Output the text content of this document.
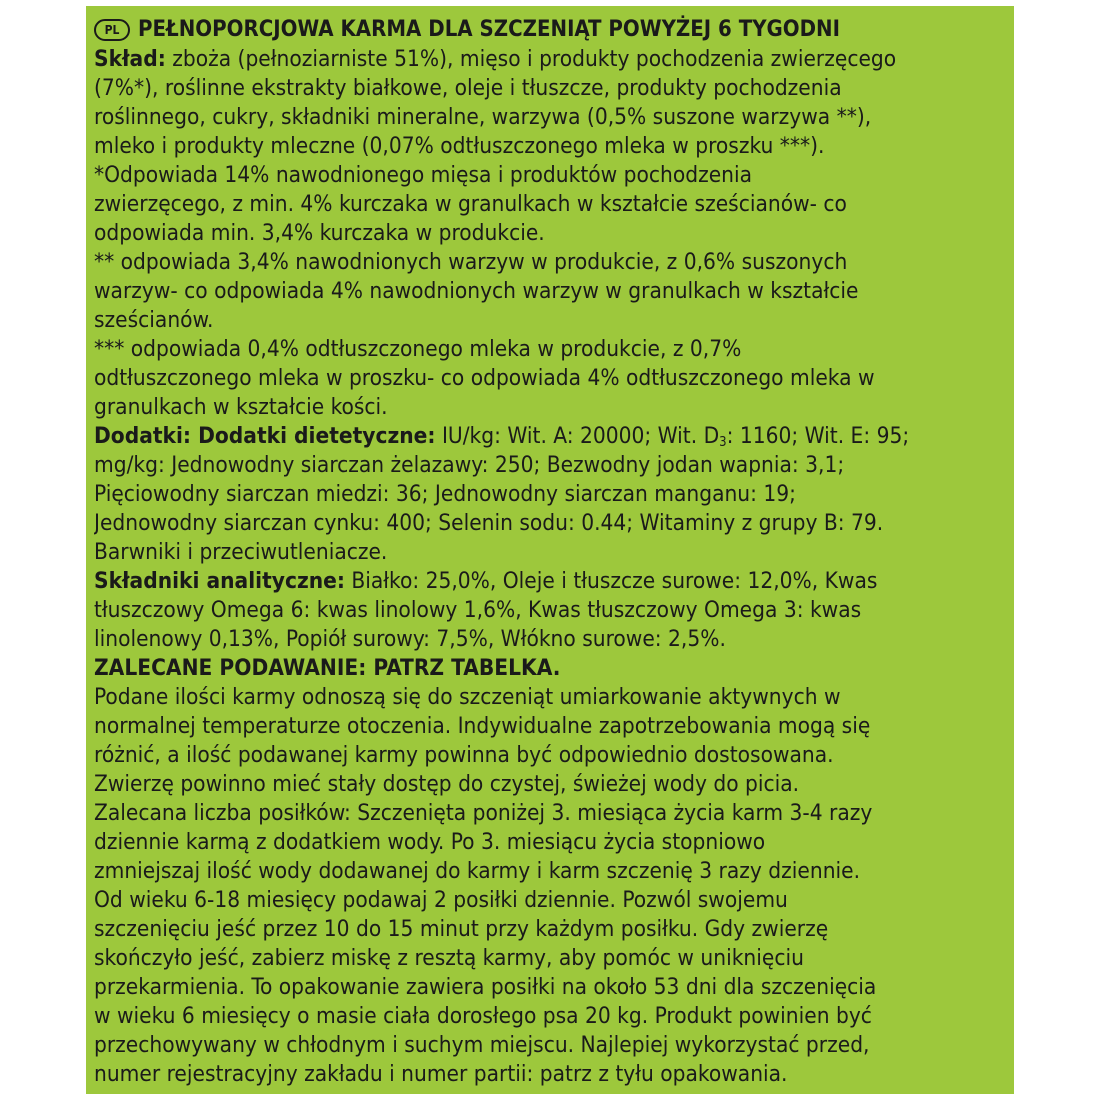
PL PEŁNOPORCJOWA KARMA DLA SZCZENIĄT POWYŻEJ 6 TYGODNI
Skład: zboża (pełnoziarniste 51%), mięso i produkty pochodzenia zwierzęcego
(7%*), roślinne ekstrakty białkowe, oleje i tłuszcze, produkty pochodzenia
roślinnego, cukry, składniki mineralne, warzywa (0,5% suszone warzywa **),
mleko i produkty mleczne (0,07% odtłuszczonego mleka w proszku ***).
*Odpowiada 14% nawodnionego mięsa i produktów pochodzenia
zwierzęcego, z min. 4% kurczaka w granulkach w kształcie sześcianów- co
odpowiada min. 3,4% kurczaka w produkcie.
** odpowiada 3,4% nawodnionych warzyw w produkcie, z 0,6% suszonych
warzyw- co odpowiada 4% nawodnionych warzyw w granulkach w kształcie
sześcianów.
*** odpowiada 0,4% odtłuszczonego mleka w produkcie, z 0,7%
odtłuszczonego mleka w proszku- co odpowiada 4% odtłuszczonego mleka w
granulkach w kształcie kości.
Dodatki: Dodatki dietetyczne: IU/kg: Wit. A: 20000; Wit. $D_3$: 1160; Wit. E: 95;
mg/kg: Jednowodny siarczan żelazawy: 250; Bezwodny jodan wapnia: 3,1;
Pięciowodny siarczan miedzi: 36; Jednowodny siarczan manganu: 19;
Jednowodny siarczan cynku: 400; Selenin sodu: 0.44; Witaminy z grupy B: 79.
Barwniki i przeciwutleniacze.
Składniki analityczne: Białko: 25,0%, Oleje i tłuszcze surowe: 12,0%, Kwas
tłuszczowy Omega 6: kwas linolowy 1,6%, Kwas tłuszczowy Omega 3: kwas
linolenowy 0,13%, Popiół surowy: 7,5%, Włókno surowe: 2,5%.
ZALECANE PODAWANIE: PATRZ TABELKA.
Podane ilości karmy odnoszą się do szczeniąt umiarkowanie aktywnych w
normalnej temperaturze otoczenia. Indywidualne zapotrzebowania mogą się
różnić, a ilość podawanej karmy powinna być odpowiednio dostosowana.
Zwierzę powinno mieć stały dostęp do czystej, świeżej wody do picia.
Zalecana liczba posiłków: Szczenięta poniżej 3. miesiąca życia karm 3-4 razy
dziennie karmą z dodatkiem wody. Po 3. miesiącu życia stopniowo
zmniejszaj ilość wody dodawanej do karmy i karm szczenię 3 razy dziennie.
Od wieku 6-18 miesięcy podawaj 2 posiłki dziennie. Pozwól swojemu
szczenięciu jeść przez 10 do 15 minut przy każdym posiłku. Gdy zwierzę
skończyło jeść, zabierz miskę z resztą karmy, aby pomóc w uniknięciu
przekarmienia. To opakowanie zawiera posiłki na około 53 dni dla szczenięcia
w wieku 6 miesięcy o masie ciała dorosłego psa 20 kg. Produkt powinien być
przechowywany w chłodnym i suchym miejscu. Najlepiej wykorzystać przed,
numer rejestracyjny zakładu i numer partii: patrz z tyłu opakowania.
